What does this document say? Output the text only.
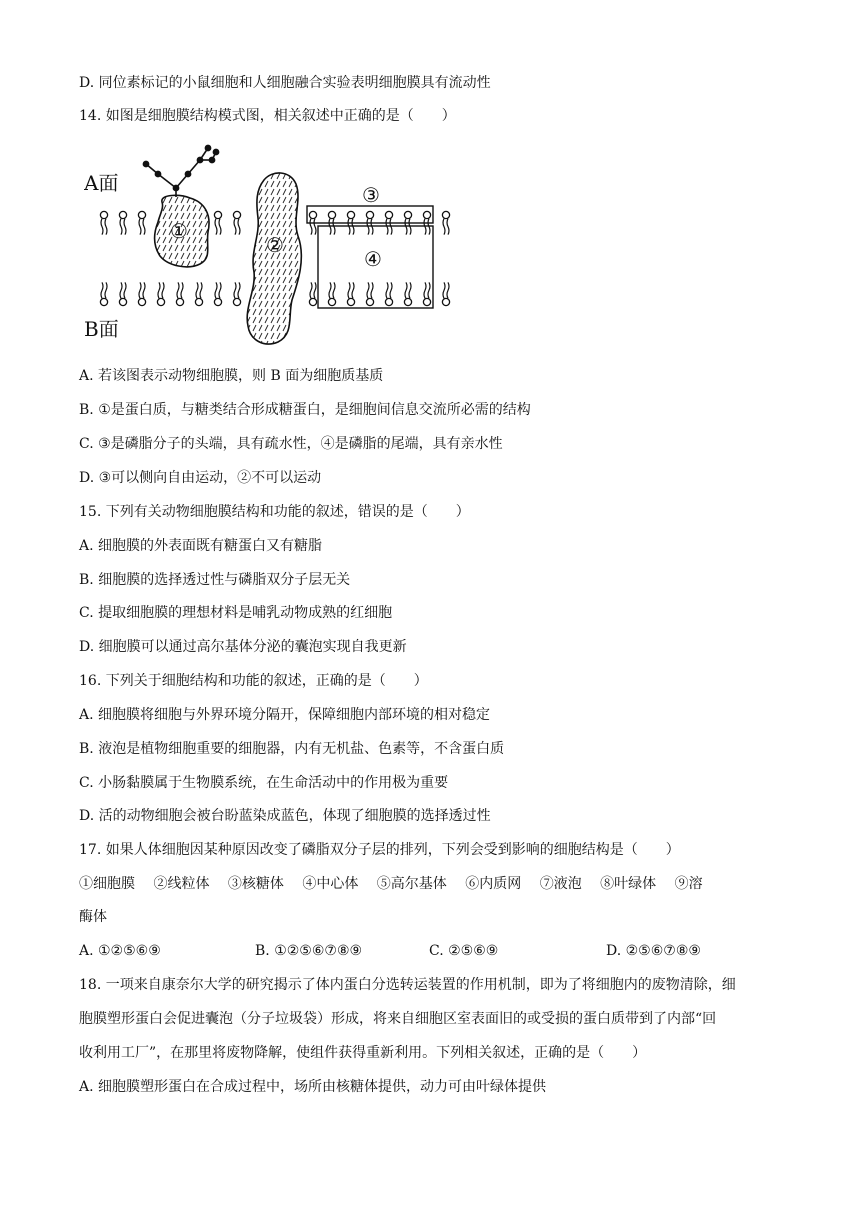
D. 同位素标记的小鼠细胞和人细胞融合实验表明细胞膜具有流动性
14. 如图是细胞膜结构模式图，相关叙述中正确的是（　　）
A面
B面
①
②
③
④
A. 若该图表示动物细胞膜，则 B 面为细胞质基质
B. ①是蛋白质，与糖类结合形成糖蛋白，是细胞间信息交流所必需的结构
C. ③是磷脂分子的头端，具有疏水性，④是磷脂的尾端，具有亲水性
D. ③可以侧向自由运动，②不可以运动
15. 下列有关动物细胞膜结构和功能的叙述，错误的是（　　）
A. 细胞膜的外表面既有糖蛋白又有糖脂
B. 细胞膜的选择透过性与磷脂双分子层无关
C. 提取细胞膜的理想材料是哺乳动物成熟的红细胞
D. 细胞膜可以通过高尔基体分泌的囊泡实现自我更新
16. 下列关于细胞结构和功能的叙述，正确的是（　　）
A. 细胞膜将细胞与外界环境分隔开，保障细胞内部环境的相对稳定
B. 液泡是植物细胞重要的细胞器，内有无机盐、色素等，不含蛋白质
C. 小肠黏膜属于生物膜系统，在生命活动中的作用极为重要
D. 活的动物细胞会被台盼蓝染成蓝色，体现了细胞膜的选择透过性
17. 如果人体细胞因某种原因改变了磷脂双分子层的排列，下列会受到影响的细胞结构是（　　）
①细胞膜　 ②线粒体　 ③核糖体　 ④中心体　 ⑤高尔基体　 ⑥内质网　 ⑦液泡　 ⑧叶绿体　 ⑨溶
酶体
A. ①②⑤⑥⑨	B. ①②⑤⑥⑦⑧⑨	C. ②⑤⑥⑨	D. ②⑤⑥⑦⑧⑨
18. 一项来自康奈尔大学的研究揭示了体内蛋白分选转运装置的作用机制，即为了将细胞内的废物清除，细
胞膜塑形蛋白会促进囊泡（分子垃圾袋）形成，将来自细胞区室表面旧的或受损的蛋白质带到了内部“回
收利用工厂”，在那里将废物降解，使组件获得重新利用。下列相关叙述，正确的是（　　）
A. 细胞膜塑形蛋白在合成过程中，场所由核糖体提供，动力可由叶绿体提供
